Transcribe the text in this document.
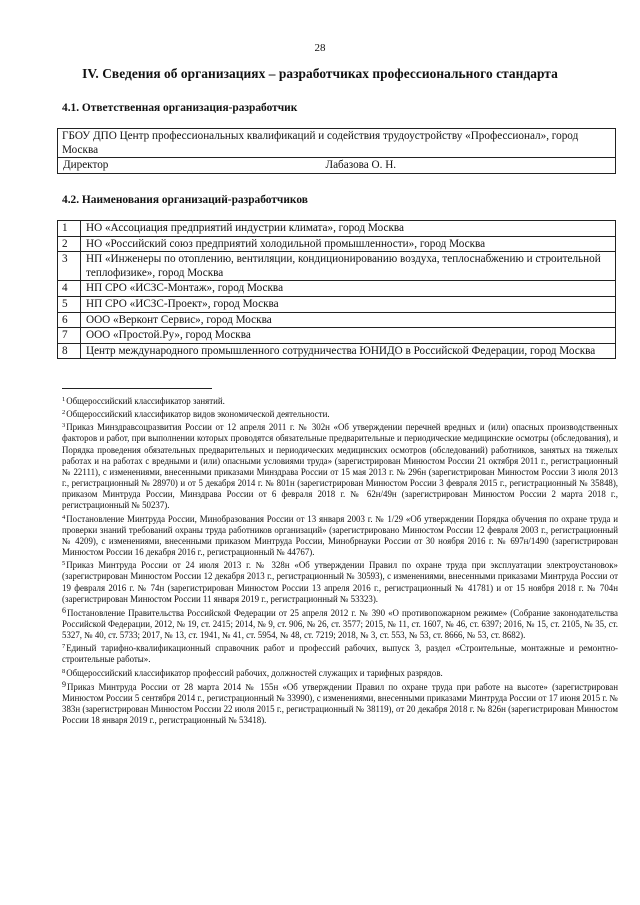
28
IV. Сведения об организациях – разработчиках профессионального стандарта
4.1. Ответственная организация-разработчик
ГБОУ ДПО Центр профессиональных квалификаций и содействия трудоустройству «Профессионал», город Москва
Директор	Лабазова О. Н.
4.2. Наименования организаций-разработчиков
1	НО «Ассоциация предприятий индустрии климата», город Москва
2	НО «Российский союз предприятий холодильной промышленности», город Москва
3	НП «Инженеры по отоплению, вентиляции, кондиционированию воздуха, теплоснабжению и строительной теплофизике», город Москва
4	НП СРО «ИСЗС-Монтаж», город Москва
5	НП СРО «ИСЗС-Проект», город Москва
6	ООО «Верконт Сервис», город Москва
7	ООО «Простой.Ру», город Москва
8	Центр международного промышленного сотрудничества ЮНИДО в Российской Федерации, город Москва
$^1$Общероссийский классификатор занятий.
$^2$Общероссийский классификатор видов экономической деятельности.
$^3$Приказ Минздравсоцразвития России от 12 апреля 2011 г. № 302н «Об утверждении перечней вредных и (или) опасных производственных факторов и работ, при выполнении которых проводятся обязательные предварительные и периодические медицинские осмотры (обследования), и Порядка проведения обязательных предварительных и периодических медицинских осмотров (обследований) работников, занятых на тяжелых работах и на работах с вредными и (или) опасными условиями труда» (зарегистрирован Минюстом России 21 октября 2011 г., регистрационный № 22111), с изменениями, внесенными приказами Минздрава России от 15 мая 2013 г. № 296н (зарегистрирован Минюстом России 3 июля 2013 г., регистрационный № 28970) и от 5 декабря 2014 г. № 801н (зарегистрирован Минюстом России 3 февраля 2015 г., регистрационный № 35848), приказом Минтруда России, Минздрава России от 6 февраля 2018 г. № 62н/49н (зарегистрирован Минюстом России 2 марта 2018 г., регистрационный № 50237).
$^4$Постановление Минтруда России, Минобразования России от 13 января 2003 г. № 1/29 «Об утверждении Порядка обучения по охране труда и проверки знаний требований охраны труда работников организаций» (зарегистрировано Минюстом России 12 февраля 2003 г., регистрационный № 4209), с изменениями, внесенными приказом Минтруда России, Минобрнауки России от 30 ноября 2016 г. № 697н/1490 (зарегистрирован Минюстом России 16 декабря 2016 г., регистрационный № 44767).
$^5$Приказ Минтруда России от 24 июля 2013 г. № 328н «Об утверждении Правил по охране труда при эксплуатации электроустановок» (зарегистрирован Минюстом России 12 декабря 2013 г., регистрационный № 30593), с изменениями, внесенными приказами Минтруда России от 19 февраля 2016 г. № 74н (зарегистрирован Минюстом России 13 апреля 2016 г., регистрационный № 41781) и от 15 ноября 2018 г. № 704н (зарегистрирован Минюстом России 11 января 2019 г., регистрационный № 53323).
6Постановление Правительства Российской Федерации от 25 апреля 2012 г. № 390 «О противопожарном режиме» (Собрание законодательства Российской Федерации, 2012, № 19, ст. 2415; 2014, № 9, ст. 906, № 26, ст. 3577; 2015, № 11, ст. 1607, № 46, ст. 6397; 2016, № 15, ст. 2105, № 35, ст. 5327, № 40, ст. 5733; 2017, № 13, ст. 1941, № 41, ст. 5954, № 48, ст. 7219; 2018, № 3, ст. 553, № 53, ст. 8666, № 53, ст. 8682).
$^7$Единый тарифно-квалификационный справочник работ и профессий рабочих, выпуск 3, раздел «Строительные, монтажные и ремонтно-строительные работы».
$^8$Общероссийский классификатор профессий рабочих, должностей служащих и тарифных разрядов.
9Приказ Минтруда России от 28 марта 2014 № 155н «Об утверждении Правил по охране труда при работе на высоте» (зарегистрирован Минюстом России 5 сентября 2014 г., регистрационный № 33990), с изменениями, внесенными приказами Минтруда России от 17 июня 2015 г. № 383н (зарегистрирован Минюстом России 22 июля 2015 г., регистрационный № 38119), от 20 декабря 2018 г. № 826н (зарегистрирован Минюстом России 18 января 2019 г., регистрационный № 53418).
